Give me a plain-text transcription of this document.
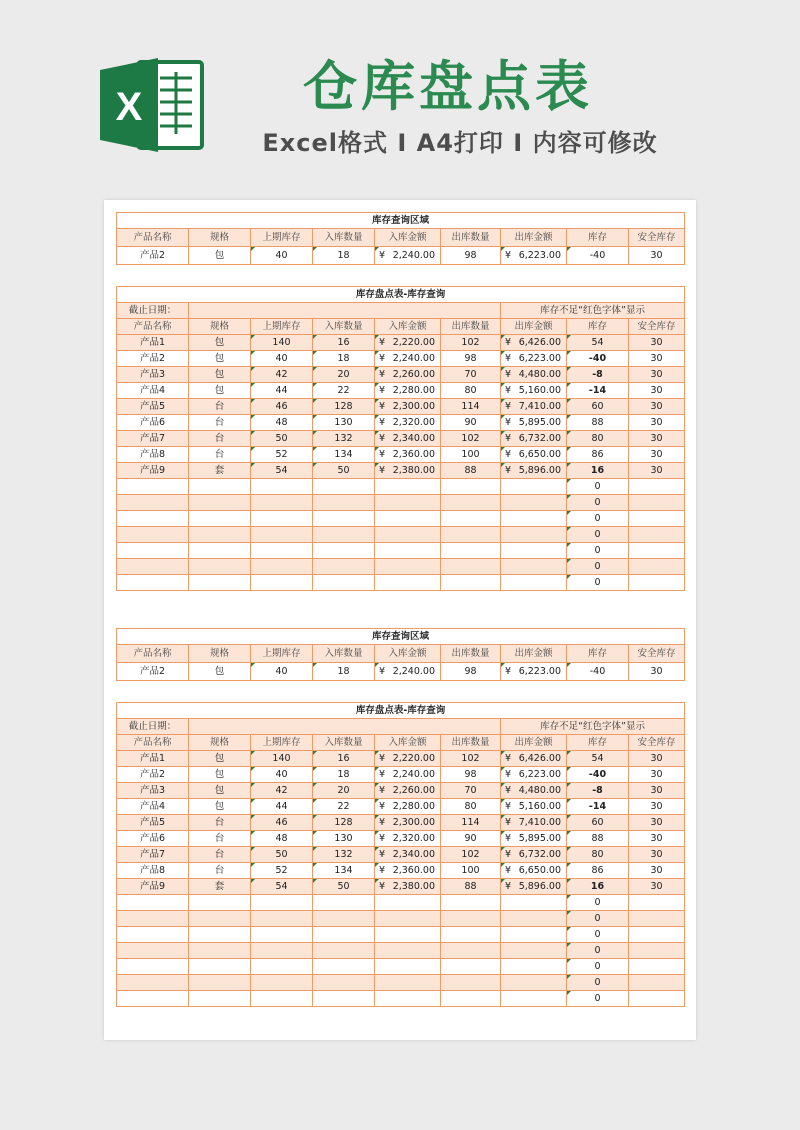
X	仓库盘点表
Excel格式 I A4打印 I 内容可修改
库存查询区域								
产品名称	规格	上期库存	入库数量	入库金额	出库数量	出库金额	库存	安全库存
产品2	包	40	18	¥ 2,240.00	98	¥ 6,223.00	-40	30
库存盘点表-库存查询								
截止日期：						库存不足“红色字体”显示		
产品名称	规格	上期库存	入库数量	入库金额	出库数量	出库金额	库存	安全库存
产品1	包	140	16	¥ 2,220.00	102	¥ 6,426.00	54	30
产品2	包	40	18	¥ 2,240.00	98	¥ 6,223.00	-40	30
产品3	包	42	20	¥ 2,260.00	70	¥ 4,480.00	-8	30
产品4	包	44	22	¥ 2,280.00	80	¥ 5,160.00	-14	30
产品5	台	46	128	¥ 2,300.00	114	¥ 7,410.00	60	30
产品6	台	48	130	¥ 2,320.00	90	¥ 5,895.00	88	30
产品7	台	50	132	¥ 2,340.00	102	¥ 6,732.00	80	30
产品8	台	52	134	¥ 2,360.00	100	¥ 6,650.00	86	30
产品9	套	54	50	¥ 2,380.00	88	¥ 5,896.00	16	30
							0	
							0	
							0	
							0	
							0	
							0	
							0	
库存查询区域								
产品名称	规格	上期库存	入库数量	入库金额	出库数量	出库金额	库存	安全库存
产品2	包	40	18	¥ 2,240.00	98	¥ 6,223.00	-40	30
库存盘点表-库存查询								
截止日期：						库存不足“红色字体”显示		
产品名称	规格	上期库存	入库数量	入库金额	出库数量	出库金额	库存	安全库存
产品1	包	140	16	¥ 2,220.00	102	¥ 6,426.00	54	30
产品2	包	40	18	¥ 2,240.00	98	¥ 6,223.00	-40	30
产品3	包	42	20	¥ 2,260.00	70	¥ 4,480.00	-8	30
产品4	包	44	22	¥ 2,280.00	80	¥ 5,160.00	-14	30
产品5	台	46	128	¥ 2,300.00	114	¥ 7,410.00	60	30
产品6	台	48	130	¥ 2,320.00	90	¥ 5,895.00	88	30
产品7	台	50	132	¥ 2,340.00	102	¥ 6,732.00	80	30
产品8	台	52	134	¥ 2,360.00	100	¥ 6,650.00	86	30
产品9	套	54	50	¥ 2,380.00	88	¥ 5,896.00	16	30
							0	
							0	
							0	
							0	
							0	
							0	
							0	
